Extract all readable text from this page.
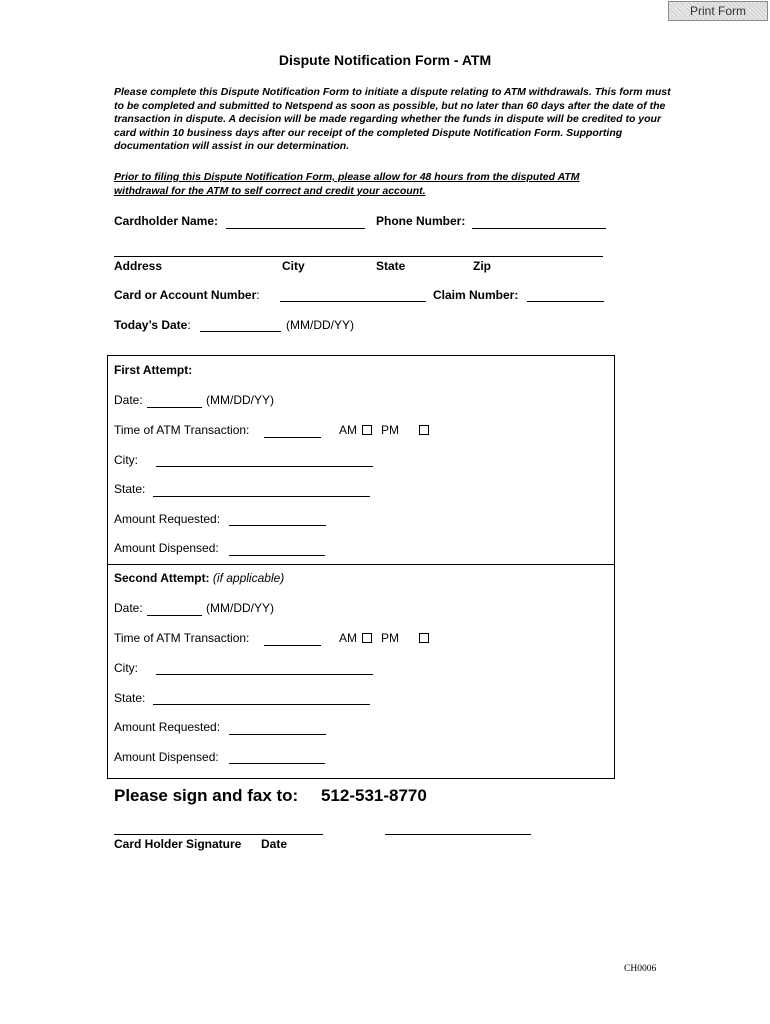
Print Form
Dispute Notification Form - ATM
Please complete this Dispute Notification Form to initiate a dispute relating to ATM withdrawals. This form must to be completed and submitted to Netspend as soon as possible, but no later than 60 days after the date of the transaction in dispute. A decision will be made regarding whether the funds in dispute will be credited to your card within 10 business days after our receipt of the completed Dispute Notification Form. Supporting documentation will assist in our determination.
Prior to filing this Dispute Notification Form, please allow for 48 hours from the disputed ATM withdrawal for the ATM to self correct and credit your account.
Cardholder Name:	Phone Number:
Address	City	State	Zip
Card or Account Number:	Claim Number:
Today’s Date:	(MM/DD/YY)
First Attempt:
Date:	(MM/DD/YY)
Time of ATM Transaction:	AM PM
City:
State:
Amount Requested:
Amount Dispensed:
Second Attempt: (if applicable)
Date:	(MM/DD/YY)
Time of ATM Transaction:	AM PM
City:
State:
Amount Requested:
Amount Dispensed:
Please sign and fax to: 512-531-8770
Card Holder Signature Date
CH0006
